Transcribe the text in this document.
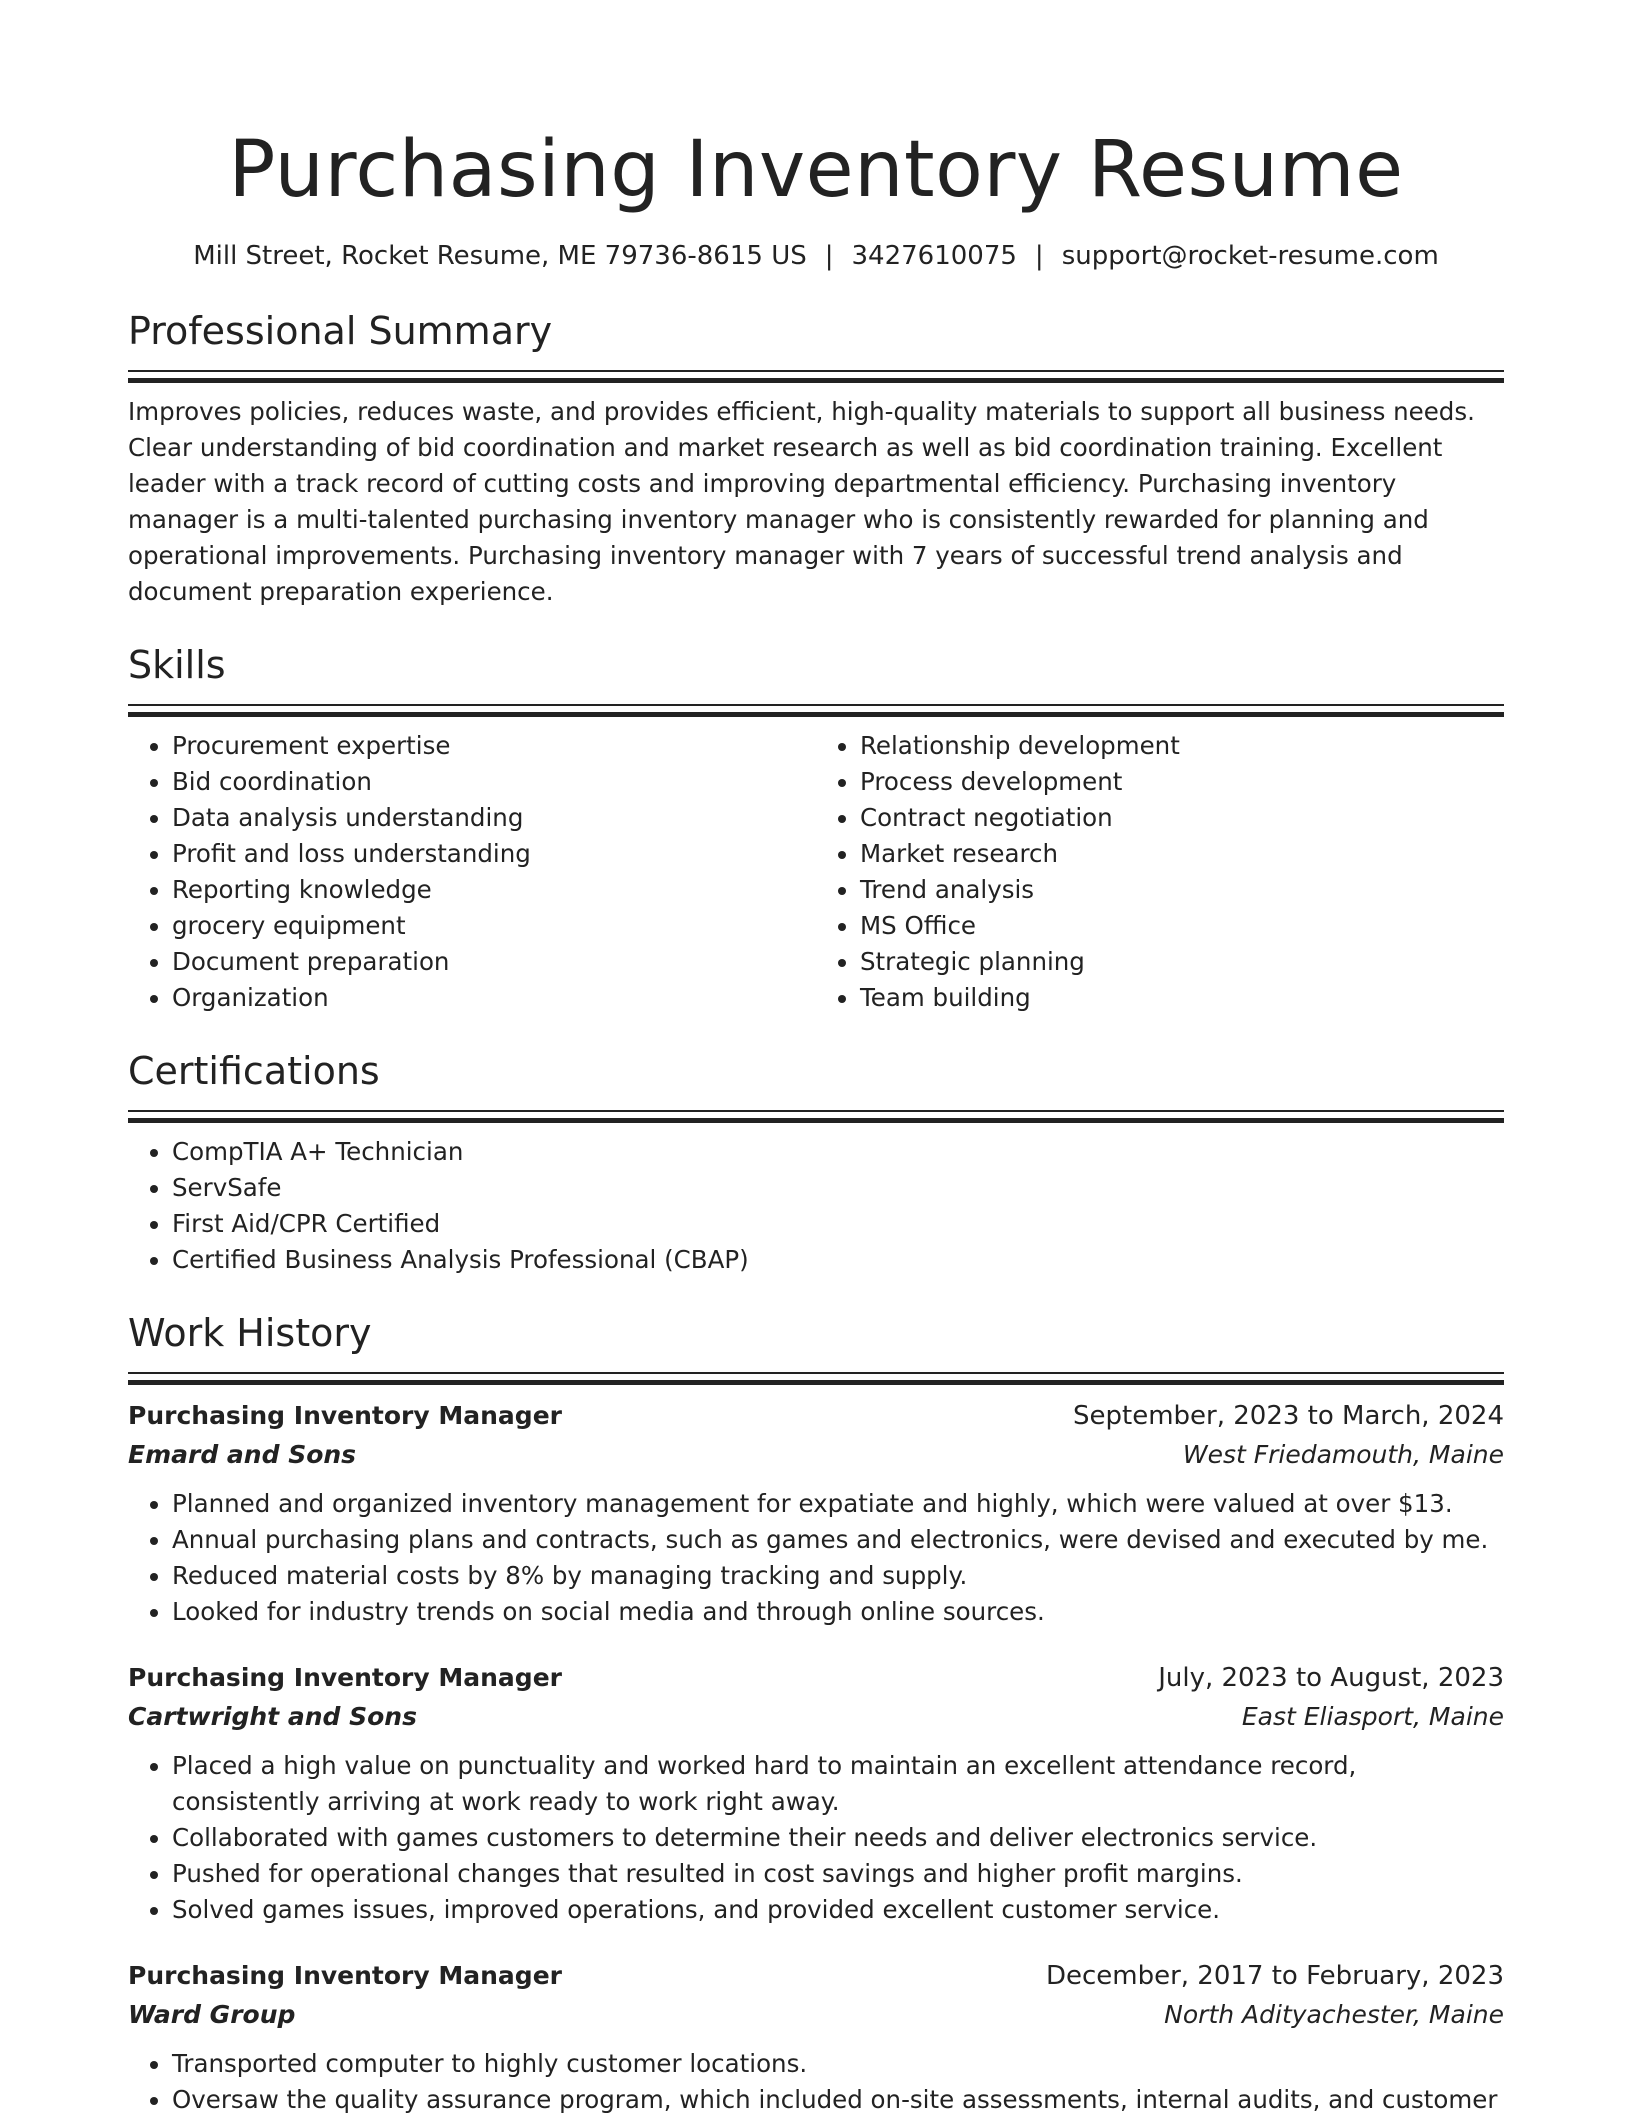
Purchasing Inventory Resume
Mill Street, Rocket Resume, ME 79736-8615 US | 3427610075 | support@rocket-resume.com
Professional Summary

Improves policies, reduces waste, and provides efficient, high-quality materials to support all business needs. Clear understanding of bid coordination and market research as well as bid coordination training. Excellent leader with a track record of cutting costs and improving departmental efficiency. Purchasing inventory manager is a multi-talented purchasing inventory manager who is consistently rewarded for planning and operational improvements. Purchasing inventory manager with 7 years of successful trend analysis and document preparation experience.

Skills
• Procurement expertise
• Bid coordination
• Data analysis understanding
• Profit and loss understanding
• Reporting knowledge
• grocery equipment
• Document preparation
• Organization
• Relationship development
• Process development
• Contract negotiation
• Market research
• Trend analysis
• MS Office
• Strategic planning
• Team building
Certifications
• CompTIA A+ Technician
• ServSafe
• First Aid/CPR Certified
• Certified Business Analysis Professional (CBAP)
Work History
Purchasing Inventory Manager	September, 2023 to March, 2024
Emard and Sons	West Friedamouth, Maine
• Planned and organized inventory management for expatiate and highly, which were valued at over $13.
• Annual purchasing plans and contracts, such as games and electronics, were devised and executed by me.
• Reduced material costs by 8% by managing tracking and supply.
• Looked for industry trends on social media and through online sources.
Purchasing Inventory Manager	July, 2023 to August, 2023
Cartwright and Sons	East Eliasport, Maine
• Placed a high value on punctuality and worked hard to maintain an excellent attendance record, consistently arriving at work ready to work right away.
• Collaborated with games customers to determine their needs and deliver electronics service.
• Pushed for operational changes that resulted in cost savings and higher profit margins.
• Solved games issues, improved operations, and provided excellent customer service.
Purchasing Inventory Manager	December, 2017 to February, 2023
Ward Group	North Adityachester, Maine
• Transported computer to highly customer locations.
• Oversaw the quality assurance program, which included on-site assessments, internal audits, and customer
